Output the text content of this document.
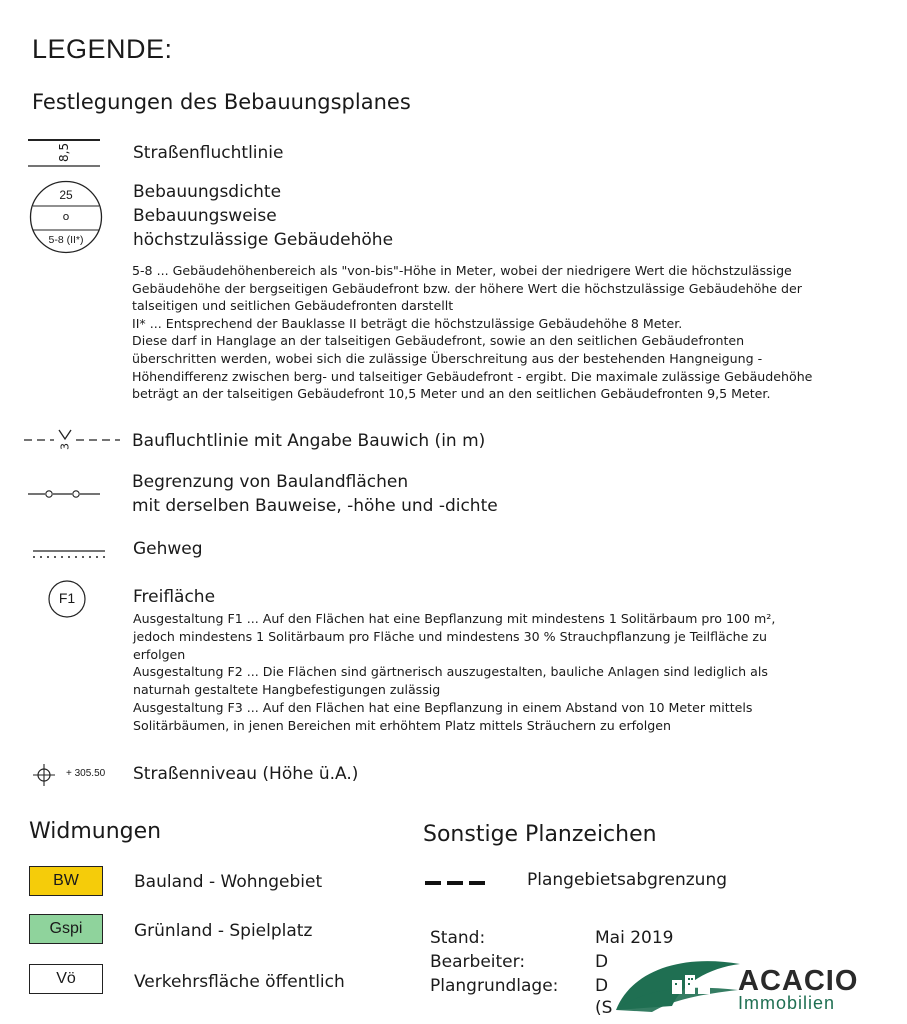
LEGENDE:
Festlegungen des Bebauungsplanes
8,5	Straßenfluchtlinie
25
o
5-8 (II*)
Bebauungsdichte
Bebauungsweise
höchstzulässige Gebäudehöhe
5-8 ... Gebäudehöhenbereich als "von-bis"-Höhe in Meter, wobei der niedrigere Wert die höchstzulässige
Gebäudehöhe der bergseitigen Gebäudefront bzw. der höhere Wert die höchstzulässige Gebäudehöhe der
talseitigen und seitlichen Gebäudefronten darstellt
II* ... Entsprechend der Bauklasse II beträgt die höchstzulässige Gebäudehöhe 8 Meter.
Diese darf in Hanglage an der talseitigen Gebäudefront, sowie an den seitlichen Gebäudefronten
überschritten werden, wobei sich die zulässige Überschreitung aus der bestehenden Hangneigung -
Höhendifferenz zwischen berg- und talseitiger Gebäudefront - ergibt. Die maximale zulässige Gebäudehöhe
beträgt an der talseitigen Gebäudefront 10,5 Meter und an den seitlichen Gebäudefronten 9,5 Meter.
3	Baufluchtlinie mit Angabe Bauwich (in m)
Begrenzung von Baulandflächen
mit derselben Bauweise, -höhe und -dichte
Gehweg
F1	Freifläche
Ausgestaltung F1 ... Auf den Flächen hat eine Bepflanzung mit mindestens 1 Solitärbaum pro 100 m²,
jedoch mindestens 1 Solitärbaum pro Fläche und mindestens 30 % Strauchpflanzung je Teilfläche zu
erfolgen
Ausgestaltung F2 ... Die Flächen sind gärtnerisch auszugestalten, bauliche Anlagen sind lediglich als
naturnah gestaltete Hangbefestigungen zulässig
Ausgestaltung F3 ... Auf den Flächen hat eine Bepflanzung in einem Abstand von 10 Meter mittels
Solitärbäumen, in jenen Bereichen mit erhöhtem Platz mittels Sträuchern zu erfolgen
+ 305.50 Straßenniveau (Höhe ü.A.)
Widmungen
BW	Bauland - Wohngebiet
Gspi	Grünland - Spielplatz
Vö	Verkehrsfläche öffentlich
Sonstige Planzeichen
Plangebietsabgrenzung
Stand:	Mai 2019
Bearbeiter:	D
Plangrundlage: D
(S
ACACIO
Immobilien
